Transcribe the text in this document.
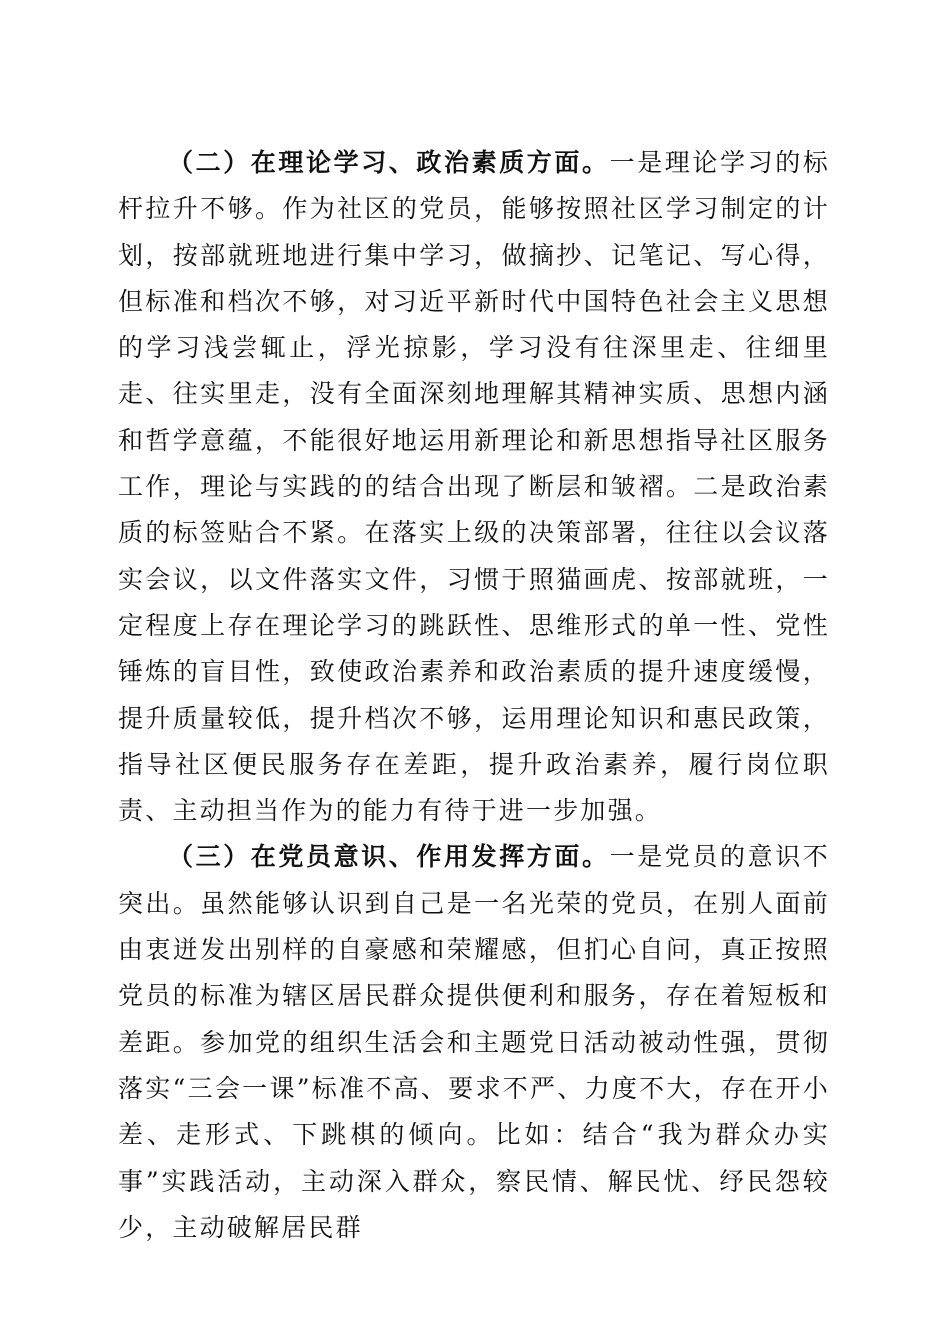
（二）在理论学习、政治素质方面。一是理论学习的标杆拉升不够。作为社区的党员，能够按照社区学习制定的计划，按部就班地进行集中学习，做摘抄、记笔记、写心得，但标准和档次不够，对习近平新时代中国特色社会主义思想的学习浅尝辄止，浮光掠影，学习没有往深里走、往细里走、往实里走，没有全面深刻地理解其精神实质、思想内涵和哲学意蕴，不能很好地运用新理论和新思想指导社区服务工作，理论与实践的的结合出现了断层和皱褶。二是政治素质的标签贴合不紧。在落实上级的决策部署，往往以会议落实会议，以文件落实文件，习惯于照猫画虎、按部就班，一定程度上存在理论学习的跳跃性、思维形式的单一性、党性锤炼的盲目性，致使政治素养和政治素质的提升速度缓慢，提升质量较低，提升档次不够，运用理论知识和惠民政策，指导社区便民服务存在差距，提升政治素养，履行岗位职责、主动担当作为的能力有待于进一步加强。

（三）在党员意识、作用发挥方面。一是党员的意识不突出。虽然能够认识到自己是一名光荣的党员，在别人面前由衷迸发出别样的自豪感和荣耀感，但扪心自问，真正按照党员的标准为辖区居民群众提供便利和服务，存在着短板和差距。参加党的组织生活会和主题党日活动被动性强，贯彻落实“三会一课”标准不高、要求不严、力度不大，存在开小差、走形式、下跳棋的倾向。比如：结合“我为群众办实事”实践活动，主动深入群众，察民情、解民忧、纾民怨较少，主动破解居民群
